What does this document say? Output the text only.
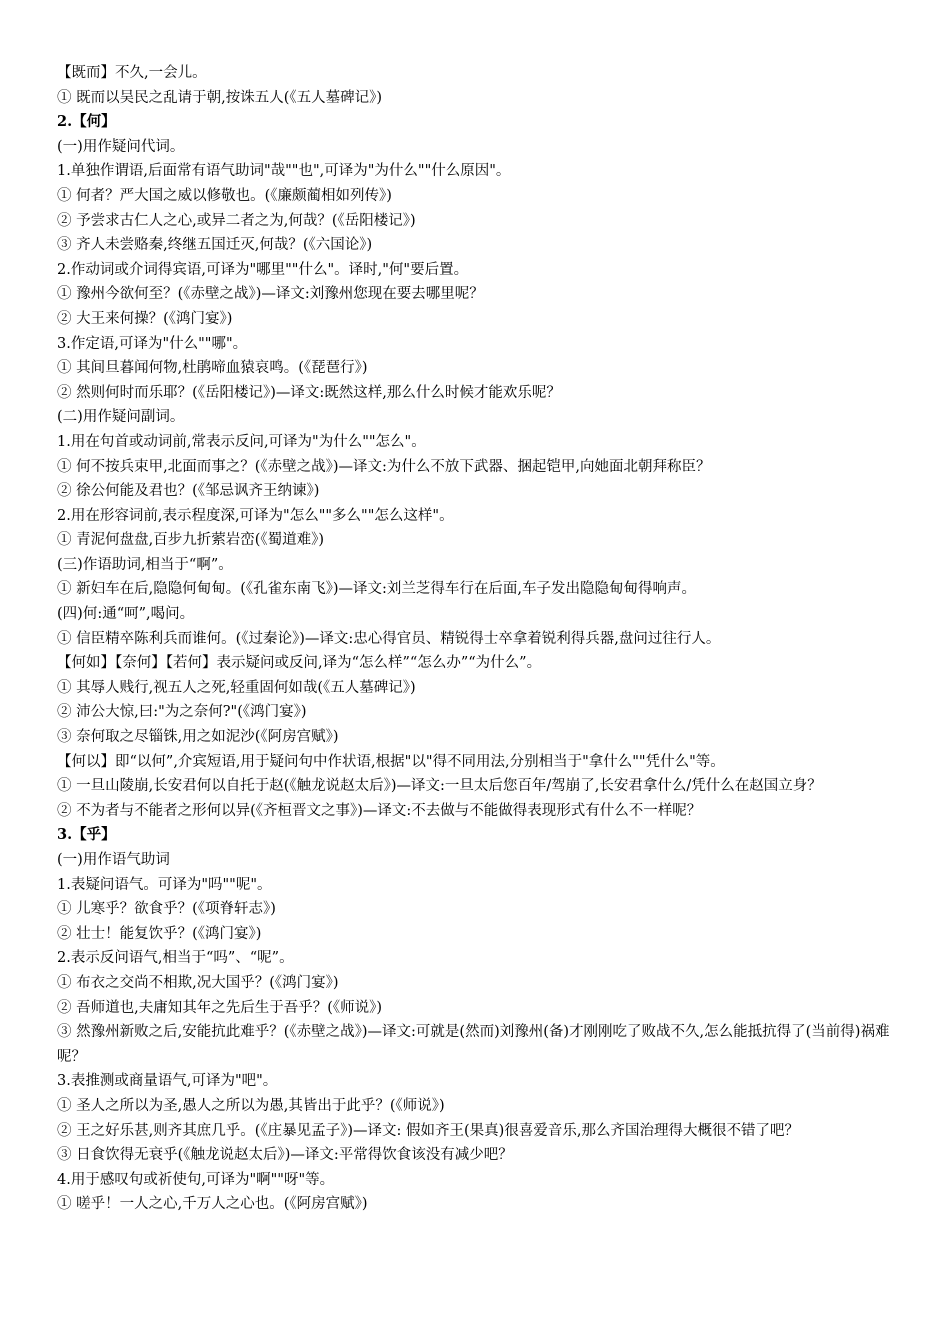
【既而】不久,一会儿。
① 既而以吴民之乱请于朝,按诛五人(《五人墓碑记》)
2.【何】
(一)用作疑问代词。
1.单独作谓语,后面常有语气助词"哉""也",可译为"为什么""什么原因"。
① 何者？严大国之威以修敬也。(《廉颇蔺相如列传》)
② 予尝求古仁人之心,或异二者之为,何哉？(《岳阳楼记》)
③ 齐人未尝赂秦,终继五国迁灭,何哉？(《六国论》)
2.作动词或介词得宾语,可译为"哪里""什么"。译时,"何"要后置。
① 豫州今欲何至？(《赤壁之战》)—译文:刘豫州您现在要去哪里呢？
② 大王来何操？(《鸿门宴》)
3.作定语,可译为"什么""哪"。
① 其间旦暮闻何物,杜鹃啼血猿哀鸣。(《琵琶行》)
② 然则何时而乐耶？(《岳阳楼记》)—译文:既然这样,那么什么时候才能欢乐呢？
(二)用作疑问副词。
1.用在句首或动词前,常表示反问,可译为"为什么""怎么"。
① 何不按兵束甲,北面而事之？(《赤壁之战》)—译文:为什么不放下武器、捆起铠甲,向她面北朝拜称臣？
② 徐公何能及君也？(《邹忌讽齐王纳谏》)
2.用在形容词前,表示程度深,可译为"怎么""多么""怎么这样"。
① 青泥何盘盘,百步九折萦岩峦(《蜀道难》)
(三)作语助词,相当于“啊”。
① 新妇车在后,隐隐何甸甸。(《孔雀东南飞》)—译文:刘兰芝得车行在后面,车子发出隐隐甸甸得响声。
(四)何:通“呵”,喝问。
① 信臣精卒陈利兵而谁何。(《过秦论》)—译文:忠心得官员、精锐得士卒拿着锐利得兵器,盘问过往行人。
【何如】【奈何】【若何】表示疑问或反问,译为“怎么样”“怎么办”“为什么”。
① 其辱人贱行,视五人之死,轻重固何如哉(《五人墓碑记》)
② 沛公大惊,曰:"为之奈何?"(《鸿门宴》)
③ 奈何取之尽锱铢,用之如泥沙(《阿房宫赋》)
【何以】即“以何”,介宾短语,用于疑问句中作状语,根据"以"得不同用法,分别相当于"拿什么""凭什么"等。
① 一旦山陵崩,长安君何以自托于赵(《触龙说赵太后》)—译文:一旦太后您百年/驾崩了,长安君拿什么/凭什么在赵国立身？
② 不为者与不能者之形何以异(《齐桓晋文之事》)—译文:不去做与不能做得表现形式有什么不一样呢？
3.【乎】
(一)用作语气助词
1.表疑问语气。可译为"吗""呢"。
① 儿寒乎？欲食乎？(《项脊轩志》)
② 壮士！能复饮乎？(《鸿门宴》)
2.表示反问语气,相当于“吗”、“呢”。
① 布衣之交尚不相欺,况大国乎？(《鸿门宴》)
② 吾师道也,夫庸知其年之先后生于吾乎？(《师说》)
③ 然豫州新败之后,安能抗此难乎？(《赤壁之战》)—译文:可就是(然而)刘豫州(备)才刚刚吃了败战不久,怎么能抵抗得了(当前得)祸难呢？
3.表推测或商量语气,可译为"吧"。
① 圣人之所以为圣,愚人之所以为愚,其皆出于此乎？(《师说》)
② 王之好乐甚,则齐其庶几乎。(《庄暴见孟子》)—译文: 假如齐王(果真)很喜爱音乐,那么齐国治理得大概很不错了吧？
③ 日食饮得无衰乎(《触龙说赵太后》)—译文:平常得饮食该没有减少吧？
4.用于感叹句或祈使句,可译为"啊""呀"等。
① 嗟乎！一人之心,千万人之心也。(《阿房宫赋》)
